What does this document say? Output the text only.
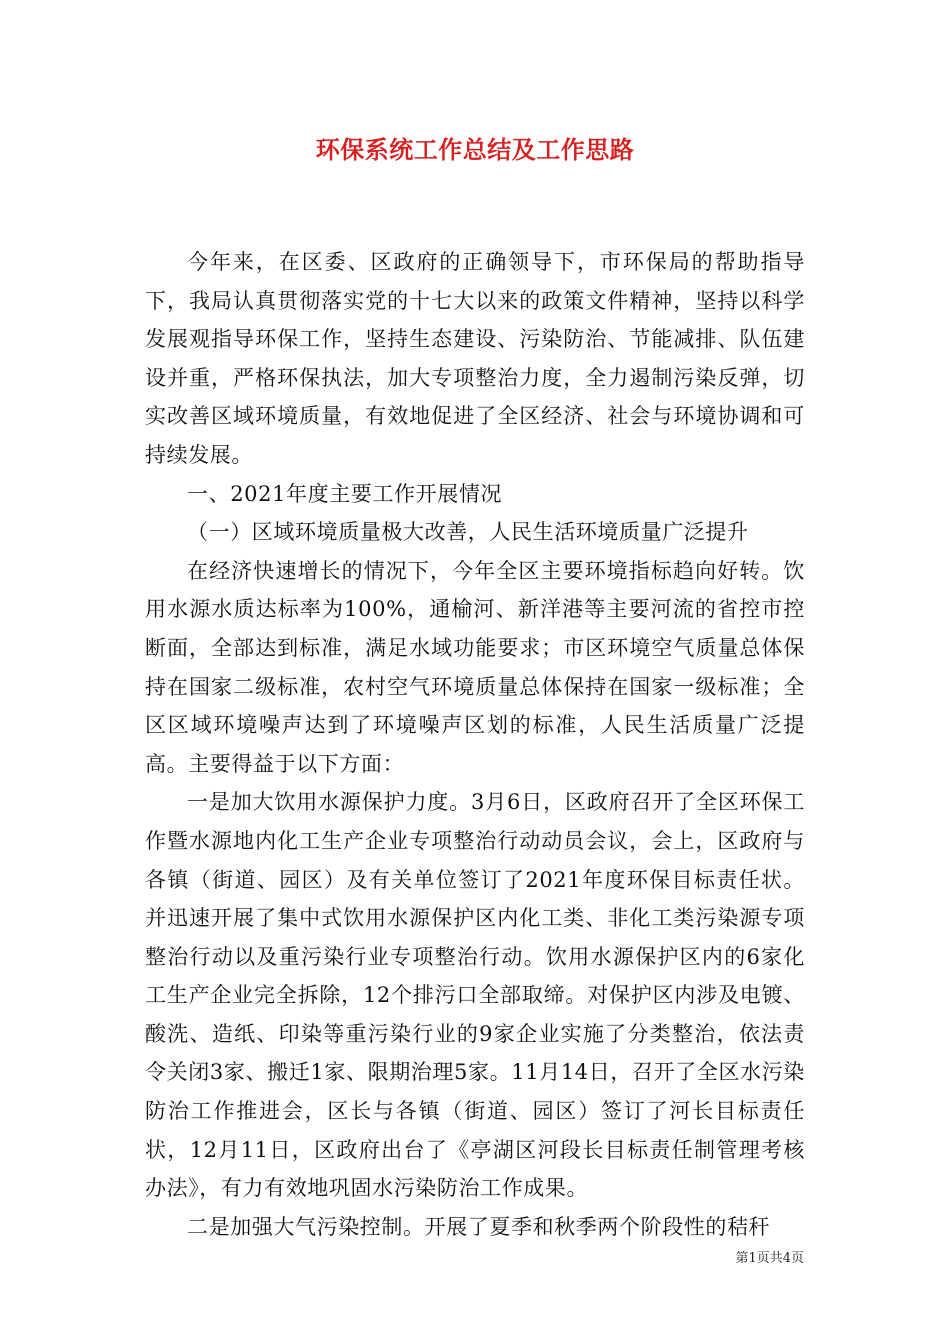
环保系统工作总结及工作思路

今年来，在区委、区政府的正确领导下，市环保局的帮助指导下，我局认真贯彻落实党的十七大以来的政策文件精神，坚持以科学发展观指导环保工作，坚持生态建设、污染防治、节能减排、队伍建设并重，严格环保执法，加大专项整治力度，全力遏制污染反弹，切实改善区域环境质量，有效地促进了全区经济、社会与环境协调和可持续发展。

一、2021年度主要工作开展情况

（一）区域环境质量极大改善，人民生活环境质量广泛提升

在经济快速增长的情况下，今年全区主要环境指标趋向好转。饮用水源水质达标率为100%，通榆河、新洋港等主要河流的省控市控断面，全部达到标准，满足水域功能要求；市区环境空气质量总体保持在国家二级标准，农村空气环境质量总体保持在国家一级标准；全区区域环境噪声达到了环境噪声区划的标准，人民生活质量广泛提高。主要得益于以下方面：

一是加大饮用水源保护力度。3月6日，区政府召开了全区环保工作暨水源地内化工生产企业专项整治行动动员会议，会上，区政府与各镇（街道、园区）及有关单位签订了2021年度环保目标责任状。并迅速开展了集中式饮用水源保护区内化工类、非化工类污染源专项整治行动以及重污染行业专项整治行动。饮用水源保护区内的6家化工生产企业完全拆除，12个排污口全部取缔。对保护区内涉及电镀、酸洗、造纸、印染等重污染行业的9家企业实施了分类整治，依法责令关闭3家、搬迁1家、限期治理5家。11月14日，召开了全区水污染防治工作推进会，区长与各镇（街道、园区）签订了河长目标责任状，12月11日，区政府出台了《亭湖区河段长目标责任制管理考核办法》，有力有效地巩固水污染防治工作成果。

二是加强大气污染控制。开展了夏季和秋季两个阶段性的秸秆

第1页共4页
